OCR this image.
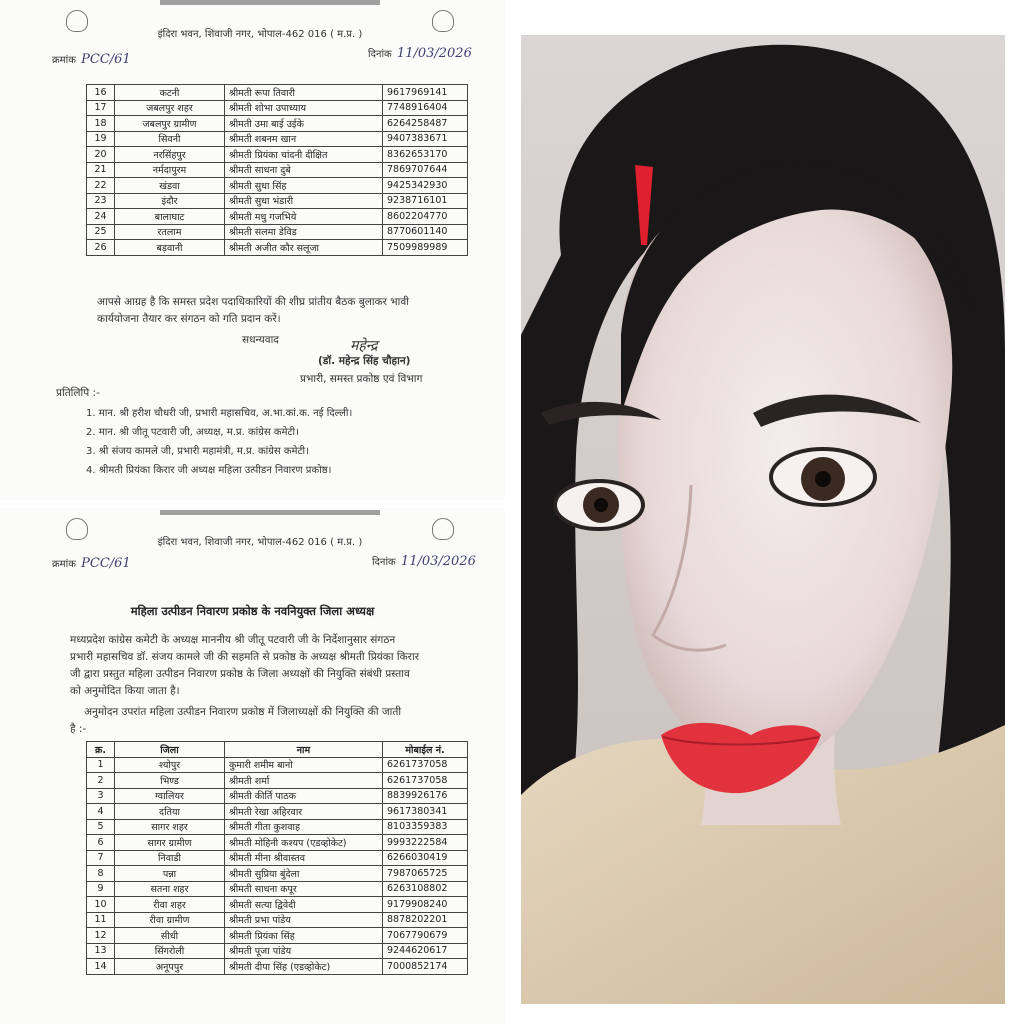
इंदिरा भवन, शिवाजी नगर, भोपाल-462 016 ( म.प्र. )
क्रमांक PCC/61	दिनांक 11/03/2026
16	कटनी	श्रीमती रूपा तिवारी	9617969141
17	जबलपुर शहर	श्रीमती शोभा उपाध्याय	7748916404
18	जबलपुर ग्रामीण	श्रीमती उमा बाई उईके	6264258487
19	सिवनी	श्रीमती शबनम खान	9407383671
20	नरसिंहपुर	श्रीमती प्रियंका चांदनी दीक्षित	8362653170
21	नर्मदापुरम	श्रीमती साधना दुबे	7869707644
22	खंडवा	श्रीमती सुधा सिंह	9425342930
23	इंदौर	श्रीमती सुधा भंडारी	9238716101
24	बालाघाट	श्रीमती मधु गजभिये	8602204770
25	रतलाम	श्रीमती सलमा डेविड	8770601140
26	बड़वानी	श्रीमती अजीत कौर सलूजा	7509989989
आपसे आग्रह है कि समस्त प्रदेश पदाधिकारियों की शीघ्र प्रांतीय बैठक बुलाकर भावी
कार्ययोजना तैयार कर संगठन को गति प्रदान करें।
सधन्यवाद	महेन्द्र
(डॉ. महेन्द्र सिंह चौहान)
प्रभारी, समस्त प्रकोष्ठ एवं विभाग
प्रतिलिपि :-
1. मान. श्री हरीश चौधरी जी, प्रभारी महासचिव, अ.भा.कां.क. नई दिल्ली।
2. मान. श्री जीतू पटवारी जी, अध्यक्ष, म.प्र. कांग्रेस कमेटी।
3. श्री संजय कामले जी, प्रभारी महामंत्री, म.प्र. कांग्रेस कमेटी।
4. श्रीमती प्रियंका किरार जी अध्यक्ष महिला उत्पीडन निवारण प्रकोष्ठ।
इंदिरा भवन, शिवाजी नगर, भोपाल-462 016 ( म.प्र. )
क्रमांक PCC/61	दिनांक 11/03/2026
महिला उत्पीडन निवारण प्रकोष्ठ के नवनियुक्त जिला अध्यक्ष
मध्यप्रदेश कांग्रेस कमेटी के अध्यक्ष माननीय श्री जीतू पटवारी जी के निर्देशानुसार संगठन
प्रभारी महासचिव डॉ. संजय कामले जी की सहमति से प्रकोष्ठ के अध्यक्ष श्रीमती प्रियंका किरार
जी द्वारा प्रस्तुत महिला उत्पीडन निवारण प्रकोष्ठ के जिला अध्यक्षों की नियुक्ति संबंधी प्रस्ताव
को अनुमोदित किया जाता है।
अनुमोदन उपरांत महिला उत्पीडन निवारण प्रकोष्ठ में जिलाध्यक्षों की नियुक्ति की जाती
है :-
क्र.	जिला	नाम	मोबाईल नं.
1	श्योपुर	कुमारी शमीम बानो	6261737058
2	भिण्ड	श्रीमती शर्मा	6261737058
3	ग्वालियर	श्रीमती कीर्ति पाठक	8839926176
4	दतिया	श्रीमती रेखा अहिरवार	9617380341
5	सागर शहर	श्रीमती गीता कुशवाह	8103359383
6	सागर ग्रामीण	श्रीमती मोहिनी कश्यप (एडव्होकेट)	9993222584
7	निवाडी	श्रीमती मीना श्रीवास्तव	6266030419
8	पन्ना	श्रीमती सुप्रिया बुंदेला	7987065725
9	सतना शहर	श्रीमती साधना कपूर	6263108802
10	रीवा शहर	श्रीमती सत्या द्विवेदी	9179908240
11	रीवा ग्रामीण	श्रीमती प्रभा पांडेय	8878202201
12	सीधी	श्रीमती प्रियंका सिंह	7067790679
13	सिंगरोली	श्रीमती पूजा पांडेय	9244620617
14	अनूपपुर	श्रीमती दीपा सिंह (एडव्होकेट)	7000852174
